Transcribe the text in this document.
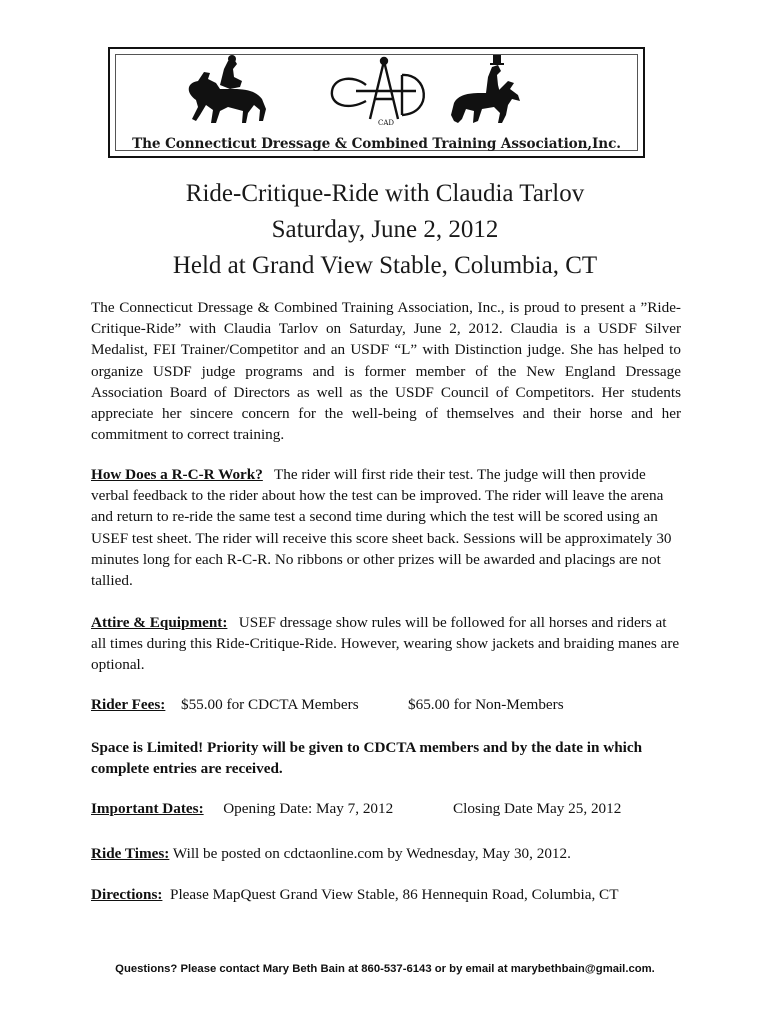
CAD
The Connecticut Dressage & Combined Training Association,Inc.
Ride-Critique-Ride with Claudia Tarlov
Saturday, June 2, 2012
Held at Grand View Stable, Columbia, CT

The Connecticut Dressage & Combined Training Association, Inc., is proud to present a ”Ride-Critique-Ride” with Claudia Tarlov on Saturday, June 2, 2012. Claudia is a USDF Silver Medalist, FEI Trainer/Competitor and an USDF “L” with Distinction judge. She has helped to organize USDF judge programs and is former member of the New England Dressage Association Board of Directors as well as the USDF Council of Competitors. Her students appreciate her sincere concern for the well-being of themselves and their horse and her commitment to correct training.

How Does a R-C-R Work? The rider will first ride their test. The judge will then provide verbal feedback to the rider about how the test can be improved. The rider will leave the arena and return to re-ride the same test a second time during which the test will be scored using an USEF test sheet. The rider will receive this score sheet back. Sessions will be approximately 30 minutes long for each R-C-R. No ribbons or other prizes will be awarded and placings are not tallied.

Attire & Equipment: USEF dressage show rules will be followed for all horses and riders at all times during this Ride-Critique-Ride. However, wearing show jackets and braiding manes are optional.

Rider Fees: $55.00 for CDCTA Members	$65.00 for Non-Members

Space is Limited! Priority will be given to CDCTA members and by the date in which complete entries are received.

Important Dates: Opening Date: May 7, 2012	Closing Date May 25, 2012
Ride Times: Will be posted on cdctaonline.com by Wednesday, May 30, 2012.
Directions: Please MapQuest Grand View Stable, 86 Hennequin Road, Columbia, CT
Questions? Please contact Mary Beth Bain at 860-537-6143 or by email at marybethbain@gmail.com.
